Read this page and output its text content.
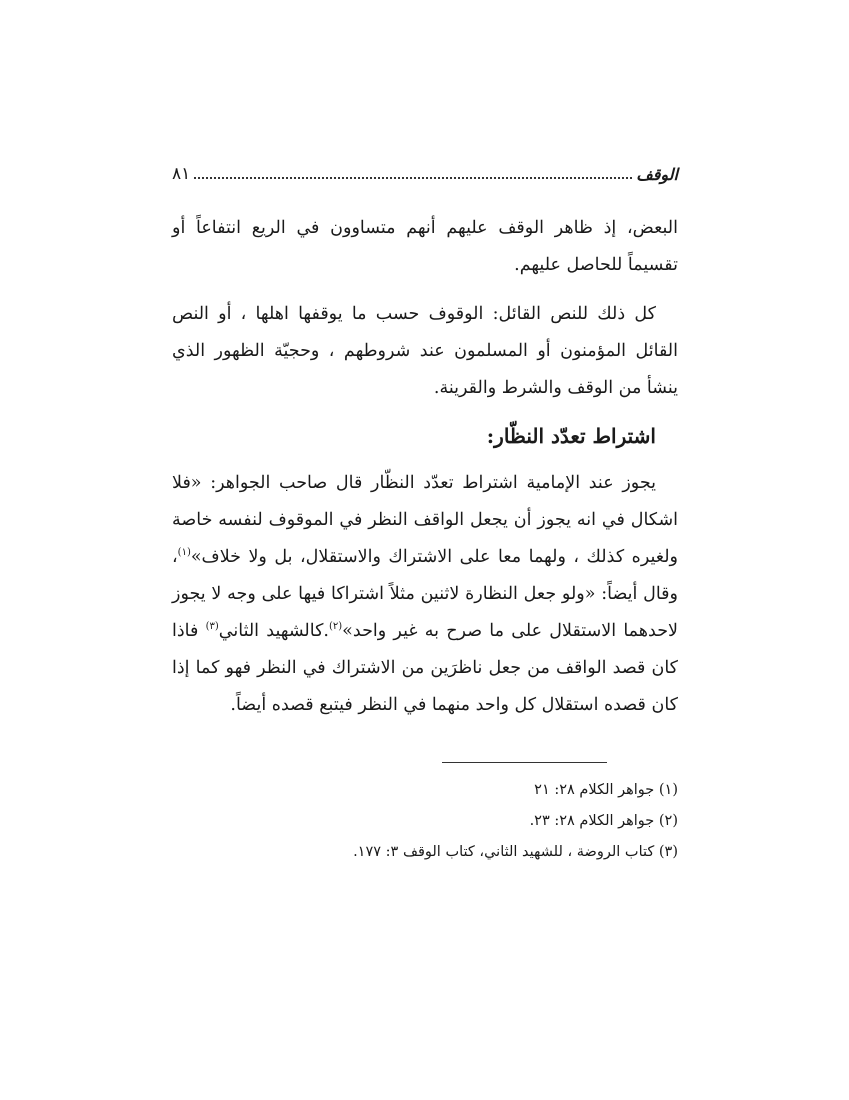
الوقف
٨١

البعض، إذ ظاهر الوقف عليهم أنهم متساوون في الريع انتفاعاً أو تقسيماً للحاصل عليهم.

كل ذلك للنص القائل: الوقوف حسب ما يوقفها اهلها ، أو النص القائل المؤمنون أو المسلمون عند شروطهم ، وحجيّة الظهور الذي ينشأ من الوقف والشرط والقرينة.

اشتراط تعدّد النظّار:

يجوز عند الإمامية اشتراط تعدّد النظّار قال صاحب الجواهر: «فلا اشكال في انه يجوز أن يجعل الواقف النظر في الموقوف لنفسه خاصة ولغيره كذلك ، ولهما معا على الاشتراك والاستقلال، بل ولا خلاف»$^{(١)}$، وقال أيضاً: «ولو جعل النظارة لاثنين مثلاً اشتراكا فيها على وجه لا يجوز لاحدهما الاستقلال على ما صرح به غير واحد»$^{(٢)}$.كالشهيد الثاني$^{(٣)}$ فاذا كان قصد الواقف من جعل ناظرَين من الاشتراك في النظر فهو كما إذا كان قصده استقلال كل واحد منهما في النظر فيتبع قصده أيضاً.

(١) جواهر الكلام ٢٨: ٢١
(٢) جواهر الكلام ٢٨: ٢٣.
(٣) كتاب الروضة ، للشهيد الثاني، كتاب الوقف ٣: ١٧٧.
